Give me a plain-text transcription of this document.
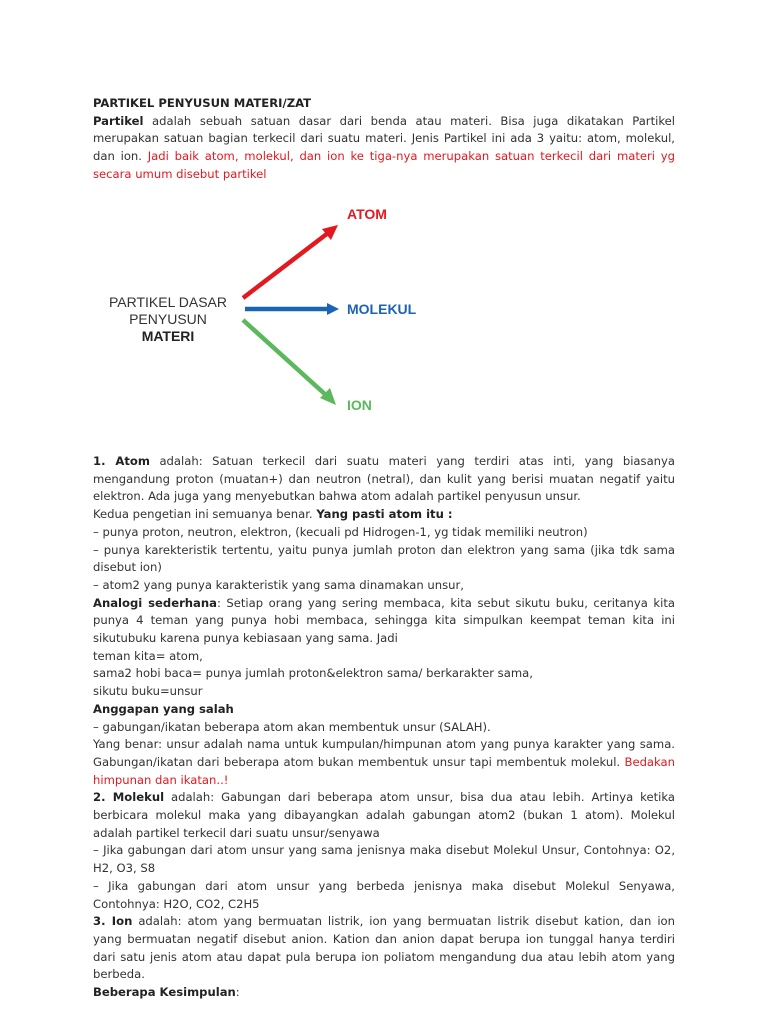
PARTIKEL PENYUSUN MATERI/ZAT

Partikel adalah sebuah satuan dasar dari benda atau materi. Bisa juga dikatakan Partikel merupakan satuan bagian terkecil dari suatu materi. Jenis Partikel ini ada 3 yaitu: atom, molekul, dan ion. Jadi baik atom, molekul, dan ion ke tiga-nya merupakan satuan terkecil dari materi yg secara umum disebut partikel

PARTIKEL DASAR
PENYUSUN
MATERI
ATOM
MOLEKUL
ION

1. Atom adalah: Satuan terkecil dari suatu materi yang terdiri atas inti, yang biasanya mengandung proton (muatan+) dan neutron (netral), dan kulit yang berisi muatan negatif yaitu elektron. Ada juga yang menyebutkan bahwa atom adalah partikel penyusun unsur.

Kedua pengetian ini semuanya benar. Yang pasti atom itu :

– punya proton, neutron, elektron, (kecuali pd Hidrogen-1, yg tidak memiliki neutron)

– punya karekteristik tertentu, yaitu punya jumlah proton dan elektron yang sama (jika tdk sama disebut ion)

– atom2 yang punya karakteristik yang sama dinamakan unsur,

Analogi sederhana: Setiap orang yang sering membaca, kita sebut sikutu buku, ceritanya kita punya 4 teman yang punya hobi membaca, sehingga kita simpulkan keempat teman kita ini sikutubuku karena punya kebiasaan yang sama. Jadi

teman kita= atom,

sama2 hobi baca= punya jumlah proton&elektron sama/ berkarakter sama,

sikutu buku=unsur

Anggapan yang salah

– gabungan/ikatan beberapa atom akan membentuk unsur (SALAH).

Yang benar: unsur adalah nama untuk kumpulan/himpunan atom yang punya karakter yang sama. Gabungan/ikatan dari beberapa atom bukan membentuk unsur tapi membentuk molekul. Bedakan himpunan dan ikatan..!

2. Molekul adalah: Gabungan dari beberapa atom unsur, bisa dua atau lebih. Artinya ketika berbicara molekul maka yang dibayangkan adalah gabungan atom2 (bukan 1 atom). Molekul adalah partikel terkecil dari suatu unsur/senyawa

– Jika gabungan dari atom unsur yang sama jenisnya maka disebut Molekul Unsur, Contohnya: O2, H2, O3, S8

– Jika gabungan dari atom unsur yang berbeda jenisnya maka disebut Molekul Senyawa, Contohnya: H2O, CO2, C2H5

3. Ion adalah: atom yang bermuatan listrik, ion yang bermuatan listrik disebut kation, dan ion yang bermuatan negatif disebut anion. Kation dan anion dapat berupa ion tunggal hanya terdiri dari satu jenis atom atau dapat pula berupa ion poliatom mengandung dua atau lebih atom yang berbeda.

Beberapa Kesimpulan:
